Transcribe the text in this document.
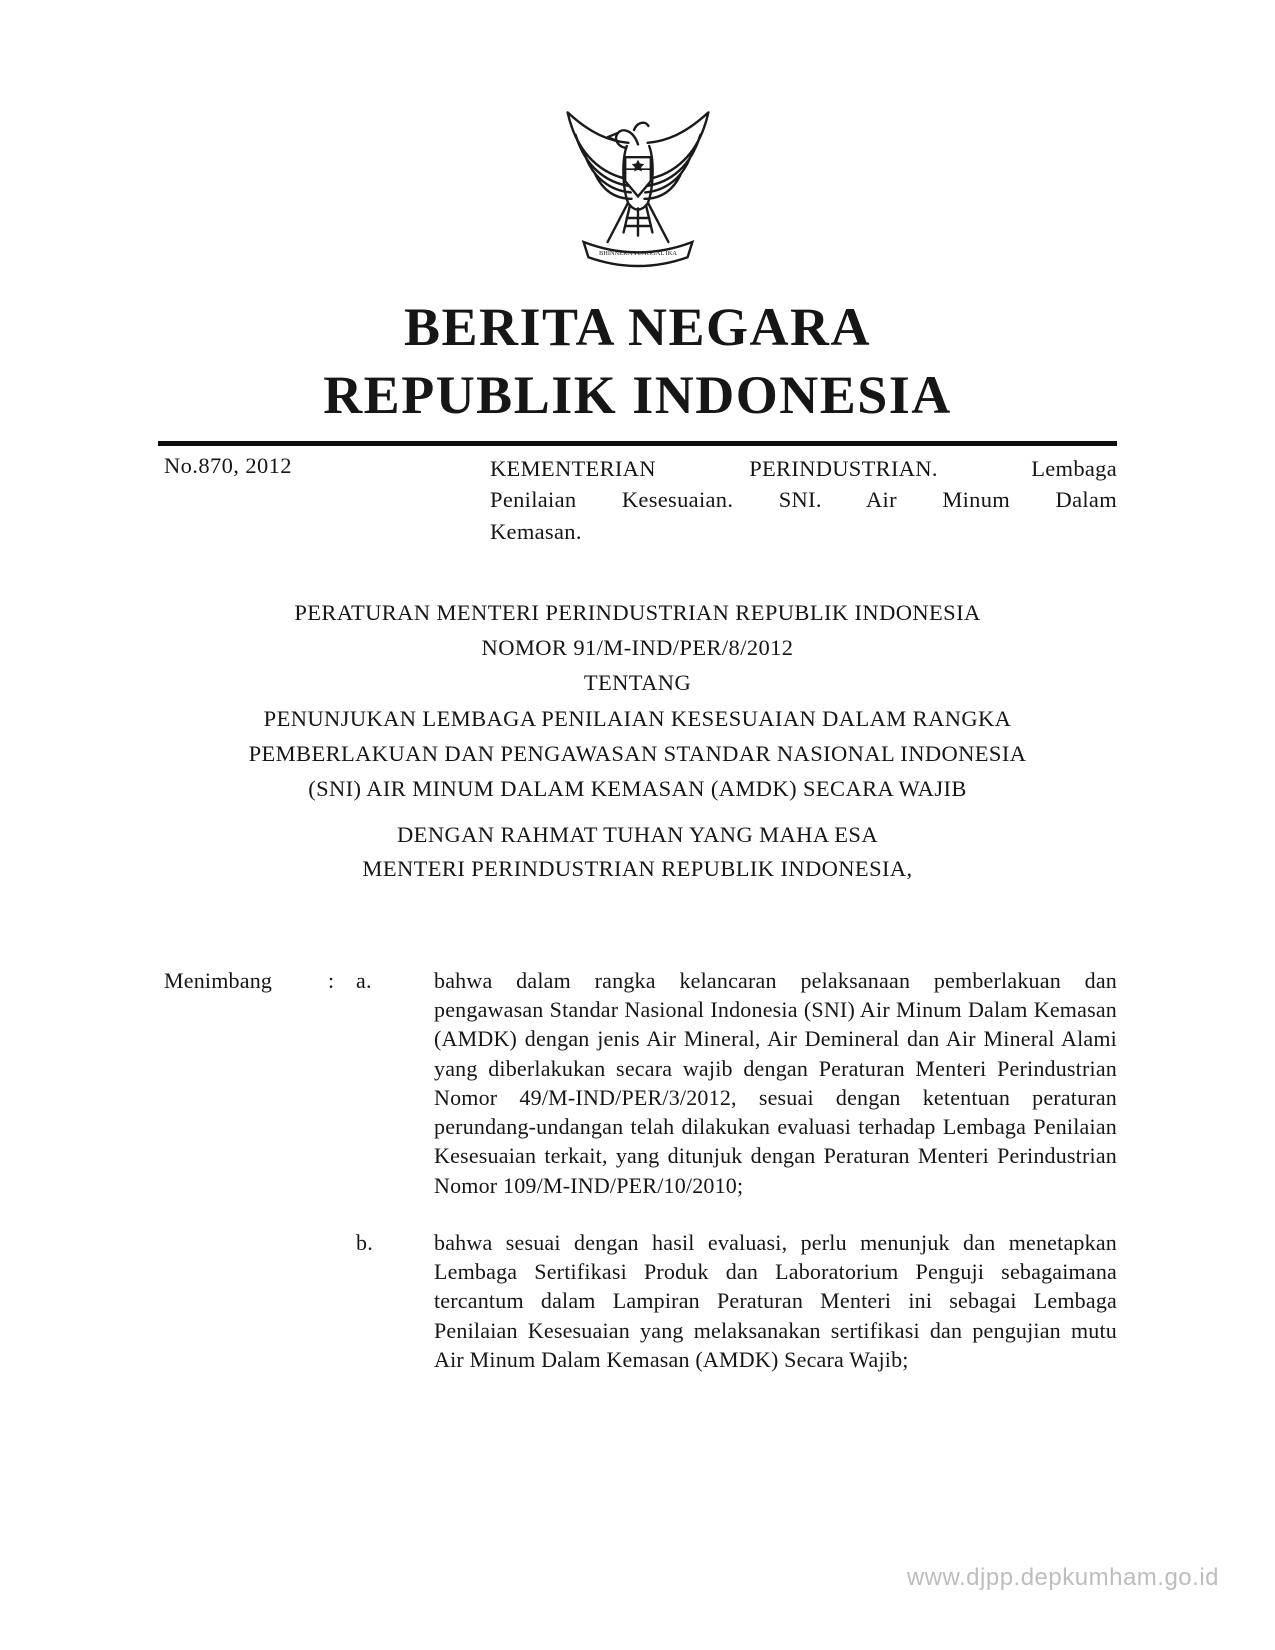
BHINNEKA TUNGGAL IKA
BERITA NEGARA
REPUBLIK INDONESIA
No.870, 2012	KEMENTERIAN PERINDUSTRIAN. Lembaga
Penilaian Kesesuaian. SNI. Air Minum Dalam
Kemasan.
PERATURAN MENTERI PERINDUSTRIAN REPUBLIK INDONESIA
NOMOR 91/M-IND/PER/8/2012
TENTANG
PENUNJUKAN LEMBAGA PENILAIAN KESESUAIAN DALAM RANGKA
PEMBERLAKUAN DAN PENGAWASAN STANDAR NASIONAL INDONESIA
(SNI) AIR MINUM DALAM KEMASAN (AMDK) SECARA WAJIB
DENGAN RAHMAT TUHAN YANG MAHA ESA
MENTERI PERINDUSTRIAN REPUBLIK INDONESIA,
Menimbang	: a.	bahwa dalam rangka kelancaran pelaksanaan pemberlakuan dan pengawasan Standar Nasional Indonesia (SNI) Air Minum Dalam Kemasan (AMDK) dengan jenis Air Mineral, Air Demineral dan Air Mineral Alami yang diberlakukan secara wajib dengan Peraturan Menteri Perindustrian Nomor 49/M-IND/PER/3/2012, sesuai dengan ketentuan peraturan perundang-undangan telah dilakukan evaluasi terhadap Lembaga Penilaian Kesesuaian terkait, yang ditunjuk dengan Peraturan Menteri Perindustrian Nomor 109/M-IND/PER/10/2010;
b.	bahwa sesuai dengan hasil evaluasi, perlu menunjuk dan menetapkan Lembaga Sertifikasi Produk dan Laboratorium Penguji sebagaimana tercantum dalam Lampiran Peraturan Menteri ini sebagai Lembaga Penilaian Kesesuaian yang melaksanakan sertifikasi dan pengujian mutu Air Minum Dalam Kemasan (AMDK) Secara Wajib;
www.djpp.depkumham.go.id
